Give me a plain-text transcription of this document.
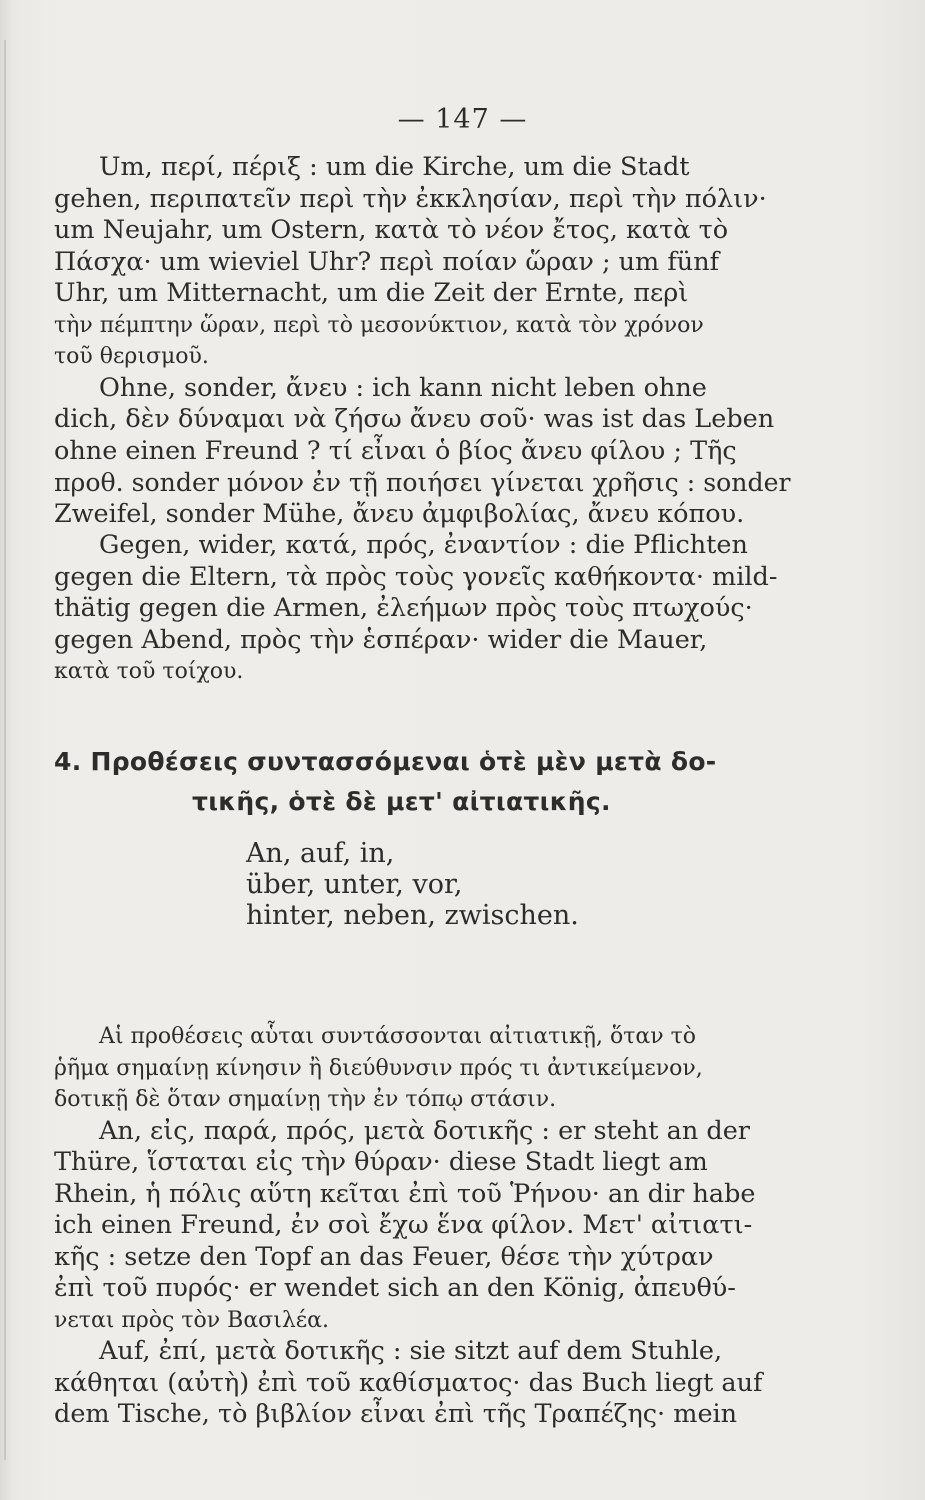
— 147 —

Um, περί, πέριξ : um die Kirche, um die Stadt
gehen, περιπατεῖν περὶ τὴν ἐκκλησίαν, περὶ τὴν πόλιν·
um Neujahr, um Ostern, κατὰ τὸ νέον ἔτος, κατὰ τὸ
Πάσχα· um wieviel Uhr? περὶ ποίαν ὥραν ; um fünf
Uhr, um Mitternacht, um die Zeit der Ernte, περὶ
τὴν πέμπτην ὥραν, περὶ τὸ μεσονύκτιον, κατὰ τὸν χρόνον
τοῦ θερισμοῦ.

Ohne, sonder, ἄνευ : ich kann nicht leben ohne
dich, δὲν δύναμαι νὰ ζήσω ἄνευ σοῦ· was ist das Leben
ohne einen Freund ? τί εἶναι ὁ βίος ἄνευ φίλου ; Τῆς
προθ. sonder μόνον ἐν τῇ ποιήσει γίνεται χρῆσις : sonder
Zweifel, sonder Mühe, ἄνευ ἀμφιβολίας, ἄνευ κόπου.

Gegen, wider, κατά, πρός, ἐναντίον : die Pflichten
gegen die Eltern, τὰ πρὸς τοὺς γονεῖς καθήκοντα· mild-
thätig gegen die Armen, ἐλεήμων πρὸς τοὺς πτωχούς·
gegen Abend, πρὸς τὴν ἑσπέραν· wider die Mauer,
κατὰ τοῦ τοίχου.

4. Προθέσεις συντασσόμεναι ὁτὲ μὲν μετὰ δο-
τικῆς, ὁτὲ δὲ μετ' αἰτιατικῆς.
An, auf, in,
über, unter, vor,
hinter, neben, zwischen.

Αἱ προθέσεις αὗται συντάσσονται αἰτιατικῇ, ὅταν τὸ
ῥῆμα σημαίνῃ κίνησιν ἢ διεύθυνσιν πρός τι ἀντικείμενον,
δοτικῇ δὲ ὅταν σημαίνῃ τὴν ἐν τόπῳ στάσιν.

An, εἰς, παρά, πρός, μετὰ δοτικῆς : er steht an der
Thüre, ἵσταται εἰς τὴν θύραν· diese Stadt liegt am
Rhein, ἡ πόλις αὕτη κεῖται ἐπὶ τοῦ Ῥήνου· an dir habe
ich einen Freund, ἐν σοὶ ἔχω ἕνα φίλον. Μετ' αἰτιατι-
κῆς : setze den Topf an das Feuer, θέσε τὴν χύτραν
ἐπὶ τοῦ πυρός· er wendet sich an den König, ἀπευθύ-
νεται πρὸς τὸν Βασιλέα.

Auf, ἐπί, μετὰ δοτικῆς : sie sitzt auf dem Stuhle,
κάθηται (αὐτὴ) ἐπὶ τοῦ καθίσματος· das Buch liegt auf
dem Tische, τὸ βιβλίον εἶναι ἐπὶ τῆς Τραπέζης· mein
